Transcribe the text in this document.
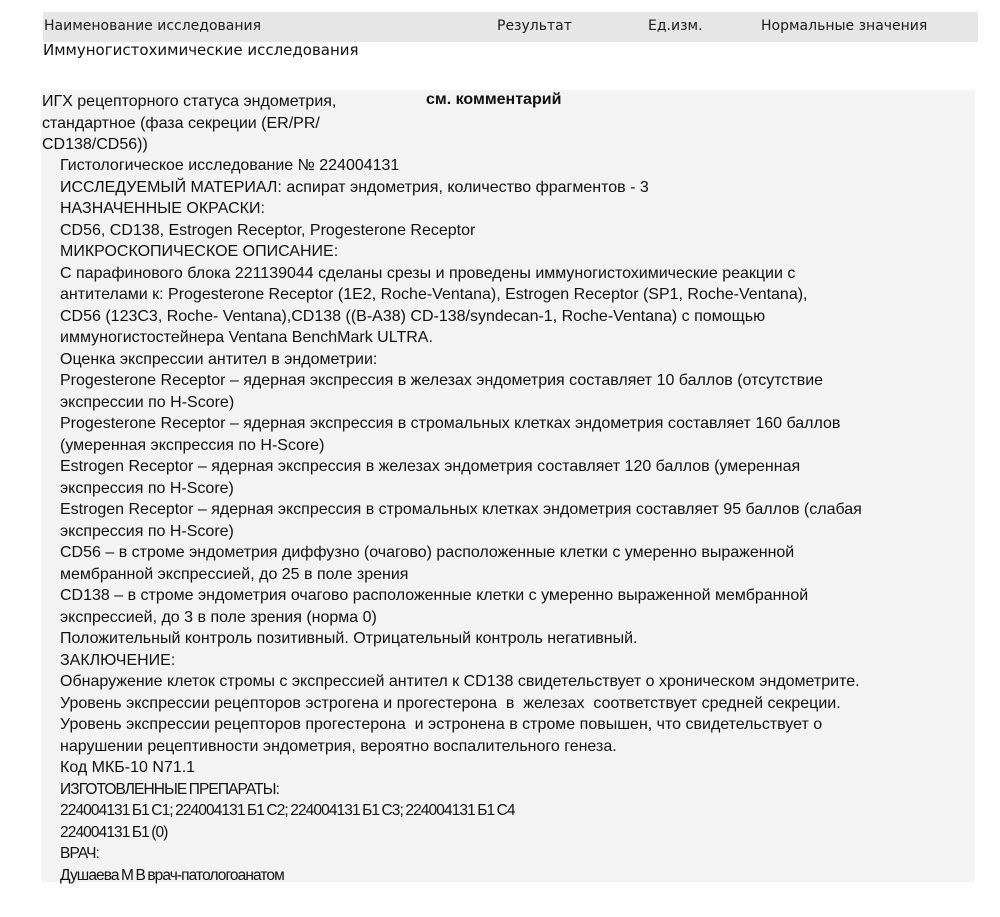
Наименование исследования	Результат	Ед.изм.	Нормальные значения
Иммуногистохимические исследования
ИГХ рецепторного статуса эндометрия,
стандартное (фаза секреции (ER/PR/
CD138/CD56))
см. комментарий
Гистологическое исследование № 224004131
ИССЛЕДУЕМЫЙ МАТЕРИАЛ: аспират эндометрия, количество фрагментов - 3
НАЗНАЧЕННЫЕ ОКРАСКИ:
CD56, CD138, Estrogen Receptor, Progesterone Receptor
МИКРОСКОПИЧЕСКОЕ ОПИСАНИЕ:
С парафинового блока 221139044 сделаны срезы и проведены иммуногистохимические реакции с
антителами к: Progesterone Receptor (1E2, Roche-Ventana), Estrogen Receptor (SP1, Roche-Ventana),
CD56 (123C3, Roche- Ventana),CD138 ((B-A38) CD-138/syndecan-1, Roche-Ventana) с помощью
иммуногистостейнера Ventana BenchMark ULTRA.
Оценка экспрессии антител в эндометрии:
Progesterone Receptor – ядерная экспрессия в железах эндометрия составляет 10 баллов (отсутствие
экспрессии по H-Score)
Progesterone Receptor – ядерная экспрессия в стромальных клетках эндометрия составляет 160 баллов
(умеренная экспрессия по H-Score)
Estrogen Receptor – ядерная экспрессия в железах эндометрия составляет 120 баллов (умеренная
экспрессия по H-Score)
Estrogen Receptor – ядерная экспрессия в стромальных клетках эндометрия составляет 95 баллов (слабая
экспрессия по H-Score)
CD56 – в строме эндометрия диффузно (очагово) расположенные клетки с умеренно выраженной
мембранной экспрессией, до 25 в поле зрения
CD138 – в строме эндометрия очагово расположенные клетки с умеренно выраженной мембранной
экспрессией, до 3 в поле зрения (норма 0)
Положительный контроль позитивный. Отрицательный контроль негативный.
ЗАКЛЮЧЕНИЕ:
Обнаружение клеток стромы с экспрессией антител к CD138 свидетельствует о хроническом эндометрите.
Уровень экспрессии рецепторов эстрогена и прогестерона  в  железах  соответствует средней секреции.
Уровень экспрессии рецепторов прогестерона  и эстронена в строме повышен, что свидетельствует о
нарушении рецептивности эндометрия, вероятно воспалительного генеза.
Код МКБ-10 N71.1
ИЗГОТОВЛЕННЫЕ ПРЕПАРАТЫ:
224004131 Б1 С1; 224004131 Б1 С2; 224004131 Б1 С3; 224004131 Б1 С4
224004131 Б1 (0)
ВРАЧ:
Душаева М В врач-патологоанатом
